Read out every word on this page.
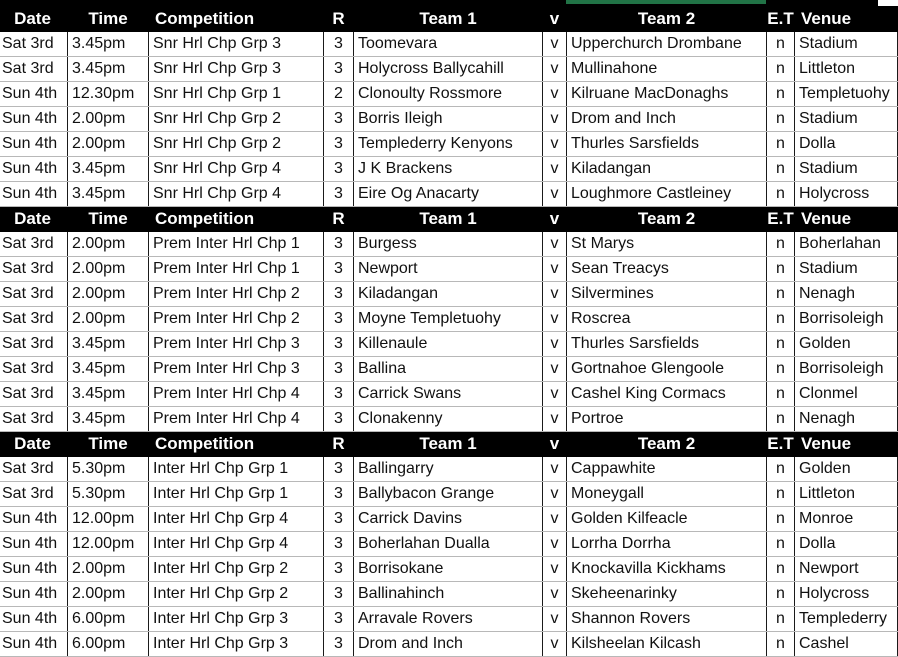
Date	Time	Competition	R	Team 1	v	Team 2	E.T	Venue
Sat 3rd	3.45pm	Snr Hrl Chp Grp 3	3	Toomevara	v	Upperchurch Drombane	n	Stadium
Sat 3rd	3.45pm	Snr Hrl Chp Grp 3	3	Holycross Ballycahill	v	Mullinahone	n	Littleton
Sun 4th	12.30pm	Snr Hrl Chp Grp 1	2	Clonoulty Rossmore	v	Kilruane MacDonaghs	n	Templetuohy
Sun 4th	2.00pm	Snr Hrl Chp Grp 2	3	Borris Ileigh	v	Drom and Inch	n	Stadium
Sun 4th	2.00pm	Snr Hrl Chp Grp 2	3	Templederry Kenyons	v	Thurles Sarsfields	n	Dolla
Sun 4th	3.45pm	Snr Hrl Chp Grp 4	3	J K Brackens	v	Kiladangan	n	Stadium
Sun 4th	3.45pm	Snr Hrl Chp Grp 4	3	Eire Og Anacarty	v	Loughmore Castleiney	n	Holycross
Date	Time	Competition	R	Team 1	v	Team 2	E.T	Venue
Sat 3rd	2.00pm	Prem Inter Hrl Chp 1	3	Burgess	v	St Marys	n	Boherlahan
Sat 3rd	2.00pm	Prem Inter Hrl Chp 1	3	Newport	v	Sean Treacys	n	Stadium
Sat 3rd	2.00pm	Prem Inter Hrl Chp 2	3	Kiladangan	v	Silvermines	n	Nenagh
Sat 3rd	2.00pm	Prem Inter Hrl Chp 2	3	Moyne Templetuohy	v	Roscrea	n	Borrisoleigh
Sat 3rd	3.45pm	Prem Inter Hrl Chp 3	3	Killenaule	v	Thurles Sarsfields	n	Golden
Sat 3rd	3.45pm	Prem Inter Hrl Chp 3	3	Ballina	v	Gortnahoe Glengoole	n	Borrisoleigh
Sat 3rd	3.45pm	Prem Inter Hrl Chp 4	3	Carrick Swans	v	Cashel King Cormacs	n	Clonmel
Sat 3rd	3.45pm	Prem Inter Hrl Chp 4	3	Clonakenny	v	Portroe	n	Nenagh
Date	Time	Competition	R	Team 1	v	Team 2	E.T	Venue
Sat 3rd	5.30pm	Inter Hrl Chp Grp 1	3	Ballingarry	v	Cappawhite	n	Golden
Sat 3rd	5.30pm	Inter Hrl Chp Grp 1	3	Ballybacon Grange	v	Moneygall	n	Littleton
Sun 4th	12.00pm	Inter Hrl Chp Grp 4	3	Carrick Davins	v	Golden Kilfeacle	n	Monroe
Sun 4th	12.00pm	Inter Hrl Chp Grp 4	3	Boherlahan Dualla	v	Lorrha Dorrha	n	Dolla
Sun 4th	2.00pm	Inter Hrl Chp Grp 2	3	Borrisokane	v	Knockavilla Kickhams	n	Newport
Sun 4th	2.00pm	Inter Hrl Chp Grp 2	3	Ballinahinch	v	Skeheenarinky	n	Holycross
Sun 4th	6.00pm	Inter Hrl Chp Grp 3	3	Arravale Rovers	v	Shannon Rovers	n	Templederry
Sun 4th	6.00pm	Inter Hrl Chp Grp 3	3	Drom and Inch	v	Kilsheelan Kilcash	n	Cashel
